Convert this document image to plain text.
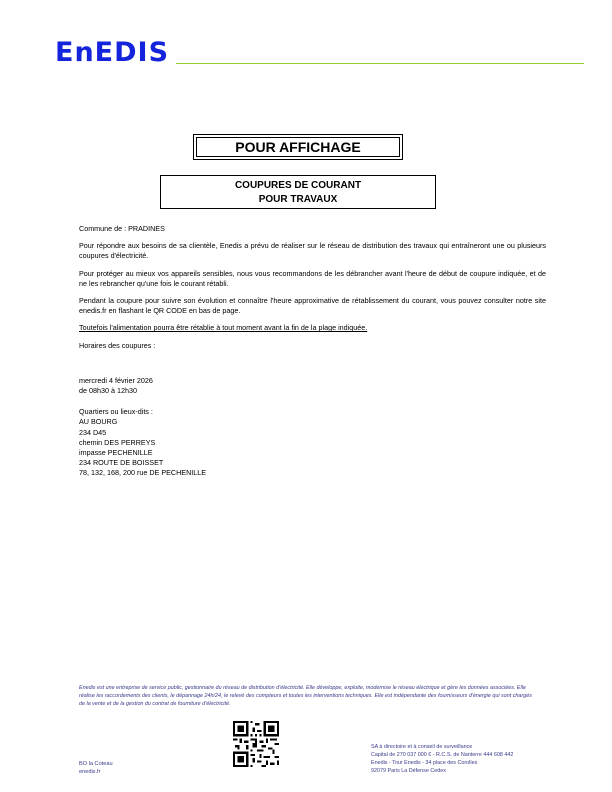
EnEDIS
POUR AFFICHAGE
COUPURES DE COURANT
POUR TRAVAUX

Commune de : PRADINES

Pour répondre aux besoins de sa clientèle, Enedis a prévu de réaliser sur le réseau de distribution des travaux qui entraîneront une ou plusieurs coupures d'électricité.

Pour protéger au mieux vos appareils sensibles, nous vous recommandons de les débrancher avant l'heure de début de coupure indiquée, et de ne les rebrancher qu'une fois le courant rétabli.

Pendant la coupure pour suivre son évolution et connaître l'heure approximative de rétablissement du courant, vous pouvez consulter notre site enedis.fr en flashant le QR CODE en bas de page.

Toutefois l'alimentation pourra être rétablie à tout moment avant la fin de la plage indiquée.

Horaires des coupures :

mercredi 4 février 2026

de 08h30 à 12h30

Quartiers ou lieux-dits :

AU BOURG

234 D45

chemin DES PERREYS

impasse PECHENILLE

234 ROUTE DE BOISSET

78, 132, 168, 200 rue DE PECHENILLE

Enedis est une entreprise de service public, gestionnaire du réseau de distribution d'électricité. Elle développe, exploite, modernise le réseau électrique et gère les données associées. Elle réalise les raccordements des clients, le dépannage 24h/24, le relevé des compteurs et toutes les interventions techniques. Elle est indépendante des fournisseurs d'énergie qui sont chargés de la vente et de la gestion du contrat de fourniture d'électricité.
BO la Coteau
enedis.fr
SA à directoire et à conseil de surveillance
Capital de 270 037 000 € - R.C.S. de Nanterre 444 608 442
Enedis - Tour Enedis - 34 place des Corolles
92079 Paris La Défense Cedex
